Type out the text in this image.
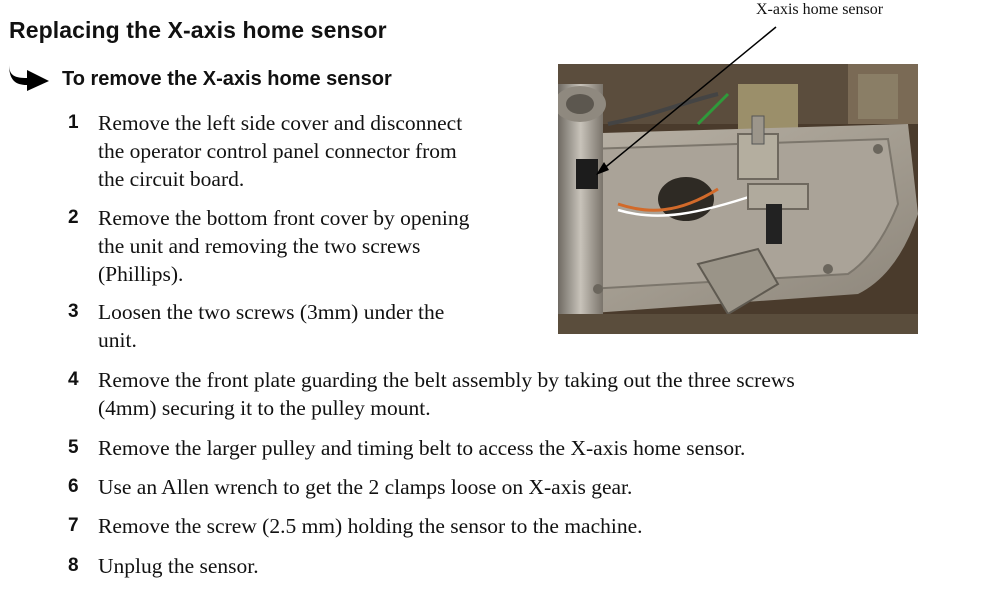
Replacing the X-axis home sensor
To remove the X-axis home sensor
1 Remove the left side cover and disconnect
the operator control panel connector from
the circuit board.
2 Remove the bottom front cover by opening
the unit and removing the two screws
(Phillips).
3 Loosen the two screws (3mm) under the
unit.
4 Remove the front plate guarding the belt assembly by taking out the three screws
(4mm) securing it to the pulley mount.
5 Remove the larger pulley and timing belt to access the X-axis home sensor.
6 Use an Allen wrench to get the 2 clamps loose on X-axis gear.
7 Remove the screw (2.5 mm) holding the sensor to the machine.
8 Unplug the sensor.
X-axis home sensor
